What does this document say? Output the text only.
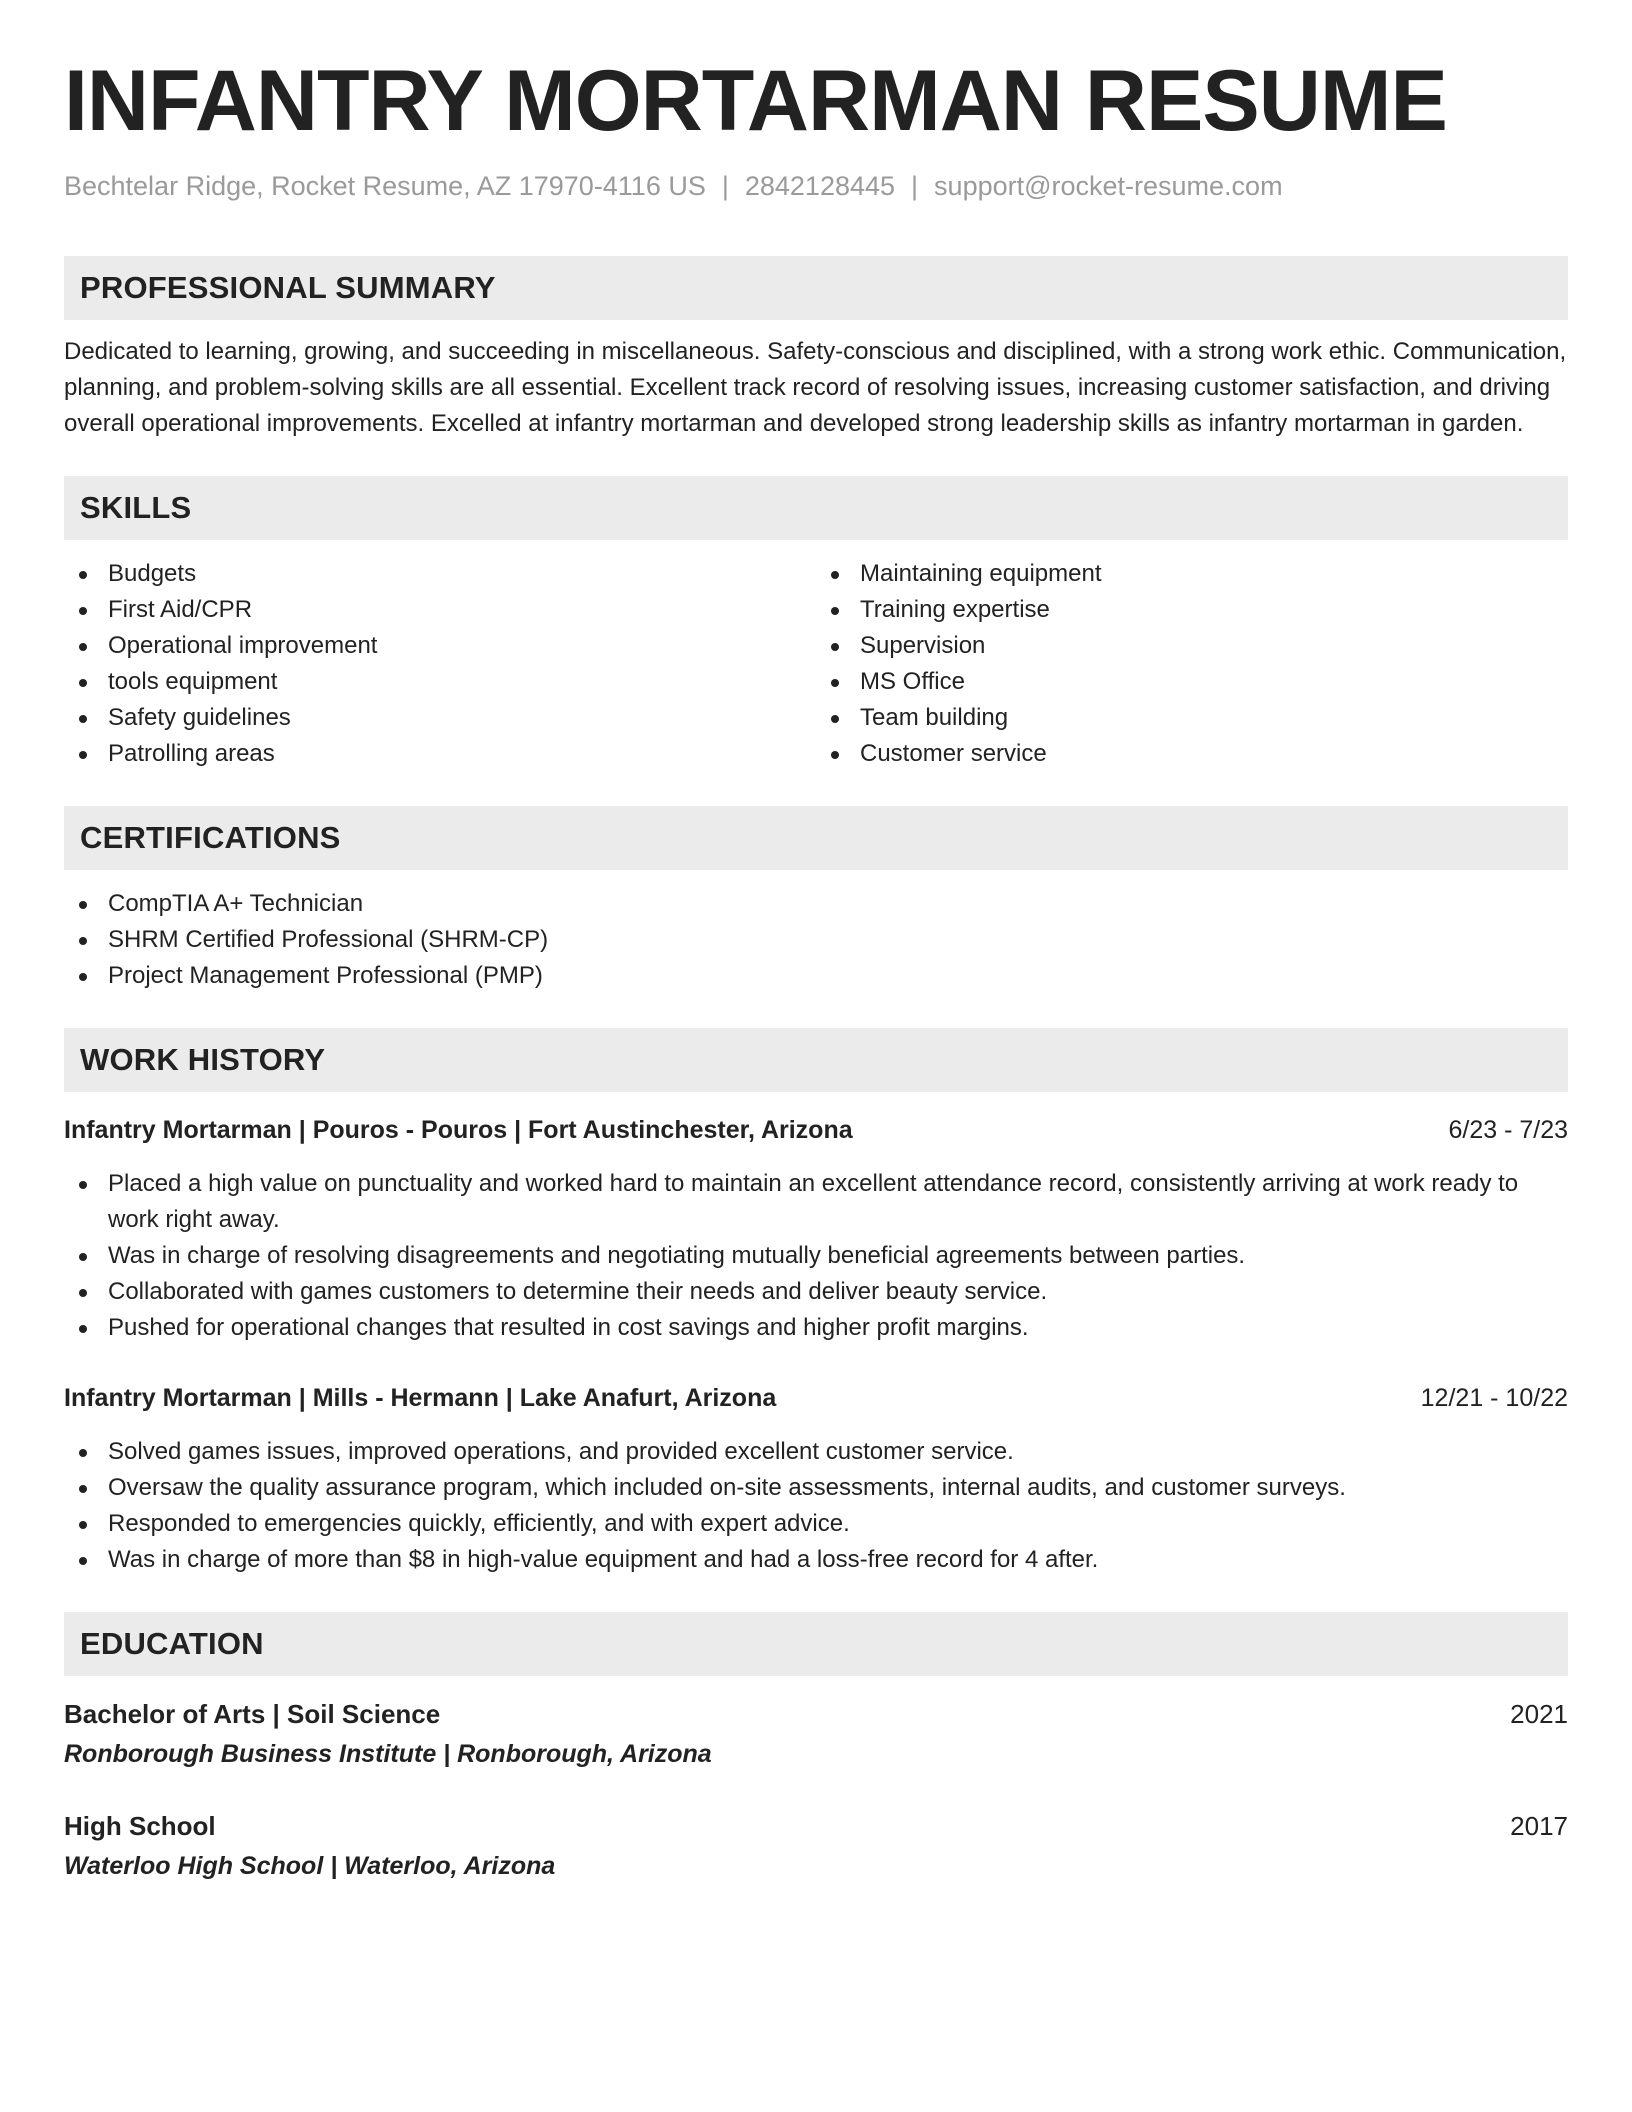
INFANTRY MORTARMAN RESUME
Bechtelar Ridge, Rocket Resume, AZ 17970-4116 US | 2842128445 | support@rocket-resume.com
PROFESSIONAL SUMMARY

Dedicated to learning, growing, and succeeding in miscellaneous. Safety-conscious and disciplined, with a strong work ethic. Communication, planning, and problem-solving skills are all essential. Excellent track record of resolving issues, increasing customer satisfaction, and driving overall operational improvements. Excelled at infantry mortarman and developed strong leadership skills as infantry mortarman in garden.

SKILLS
Budgets
First Aid/CPR
Operational improvement
tools equipment
Safety guidelines
Patrolling areas
Maintaining equipment
Training expertise
Supervision
MS Office
Team building
Customer service
CERTIFICATIONS
CompTIA A+ Technician
SHRM Certified Professional (SHRM-CP)
Project Management Professional (PMP)
WORK HISTORY
Infantry Mortarman | Pouros - Pouros | Fort Austinchester, Arizona	6/23 - 7/23
Placed a high value on punctuality and worked hard to maintain an excellent attendance record, consistently arriving at work ready to work right away.
Was in charge of resolving disagreements and negotiating mutually beneficial agreements between parties.
Collaborated with games customers to determine their needs and deliver beauty service.
Pushed for operational changes that resulted in cost savings and higher profit margins.
Infantry Mortarman | Mills - Hermann | Lake Anafurt, Arizona	12/21 - 10/22
Solved games issues, improved operations, and provided excellent customer service.
Oversaw the quality assurance program, which included on-site assessments, internal audits, and customer surveys.
Responded to emergencies quickly, efficiently, and with expert advice.
Was in charge of more than $8 in high-value equipment and had a loss-free record for 4 after.
EDUCATION
Bachelor of Arts | Soil Science	2021
Ronborough Business Institute | Ronborough, Arizona
High School	2017
Waterloo High School | Waterloo, Arizona
